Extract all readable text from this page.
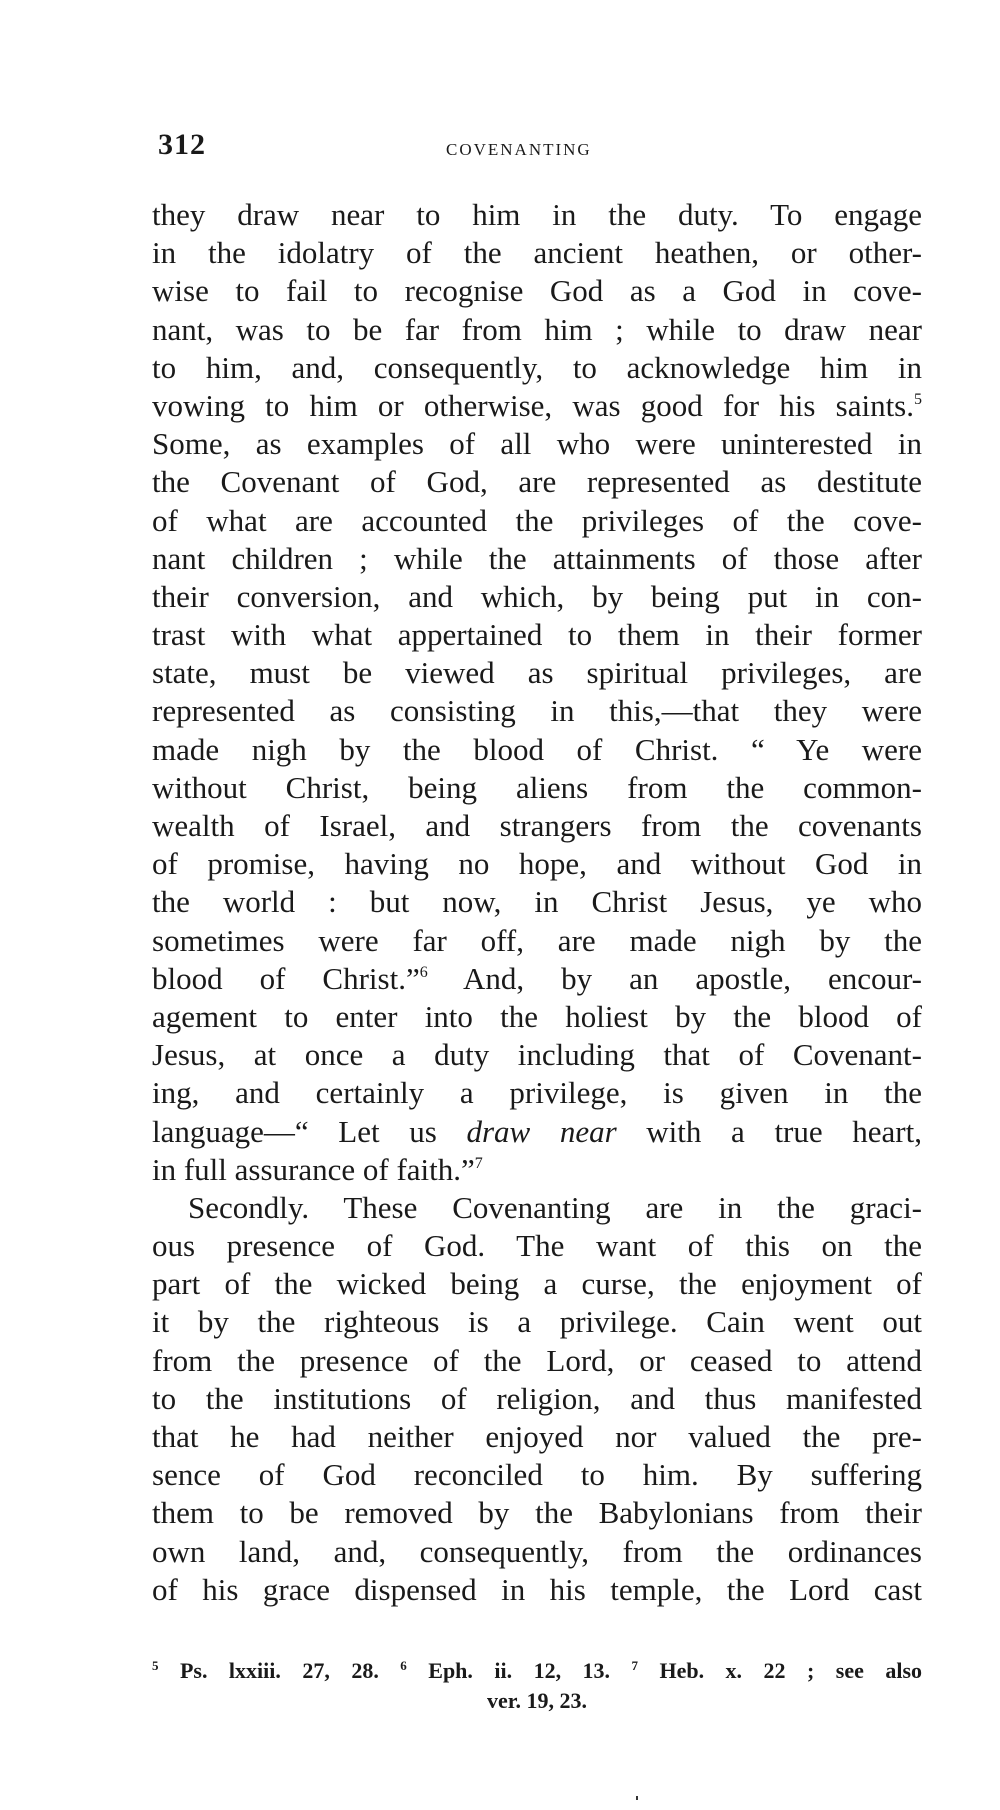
312	COVENANTING
they draw near to him in the duty. To engage
in the idolatry of the ancient heathen, or other-
wise to fail to recognise God as a God in cove-
nant, was to be far from him ; while to draw near
to him, and, consequently, to acknowledge him in
vowing to him or otherwise, was good for his saints.$^5$
Some, as examples of all who were uninterested in
the Covenant of God, are represented as destitute
of what are accounted the privileges of the cove-
nant children ; while the attainments of those after
their conversion, and which, by being put in con-
trast with what appertained to them in their former
state, must be viewed as spiritual privileges, are
represented as consisting in this,—that they were
made nigh by the blood of Christ. “ Ye were
without Christ, being aliens from the common-
wealth of Israel, and strangers from the covenants
of promise, having no hope, and without God in
the world : but now, in Christ Jesus, ye who
sometimes were far off, are made nigh by the
blood of Christ.”$^6$ And, by an apostle, encour-
agement to enter into the holiest by the blood of
Jesus, at once a duty including that of Covenant-
ing, and certainly a privilege, is given in the
language—“ Let us draw near with a true heart,
in full assurance of faith.”$^7$
Secondly. These Covenanting are in the graci-
ous presence of God. The want of this on the
part of the wicked being a curse, the enjoyment of
it by the righteous is a privilege. Cain went out
from the presence of the Lord, or ceased to attend
to the institutions of religion, and thus manifested
that he had neither enjoyed nor valued the pre-
sence of God reconciled to him. By suffering
them to be removed by the Babylonians from their
own land, and, consequently, from the ordinances
of his grace dispensed in his temple, the Lord cast
$^5$ Ps. lxxiii. 27, 28. $^6$ Eph. ii. 12, 13. $^7$ Heb. x. 22 ; see also
ver. 19, 23.
